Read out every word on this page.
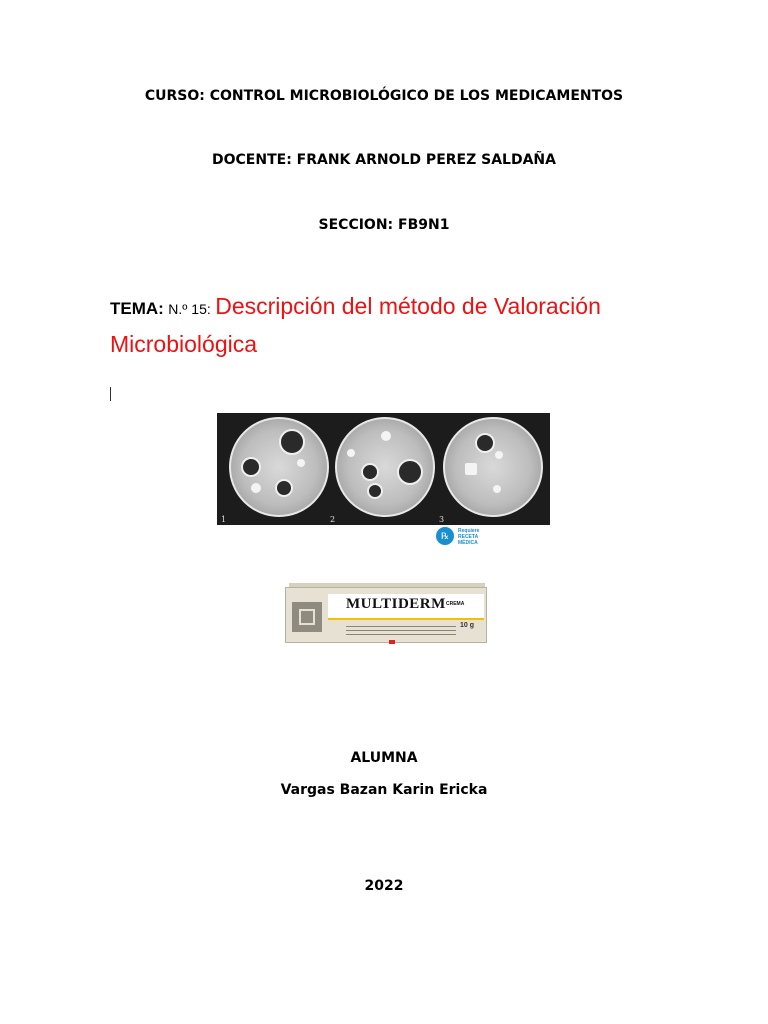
CURSO: CONTROL MICROBIOLÓGICO DE LOS MEDICAMENTOS
DOCENTE: FRANK ARNOLD PEREZ SALDAÑA
SECCION: FB9N1
TEMA: N.º 15: Descripción del método de Valoración Microbiológica
1	2	3
℞	Requiere
RECETA
MÉDICA
MULTIDERM CREMA
10 g
ALUMNA
Vargas Bazan Karin Ericka
2022
